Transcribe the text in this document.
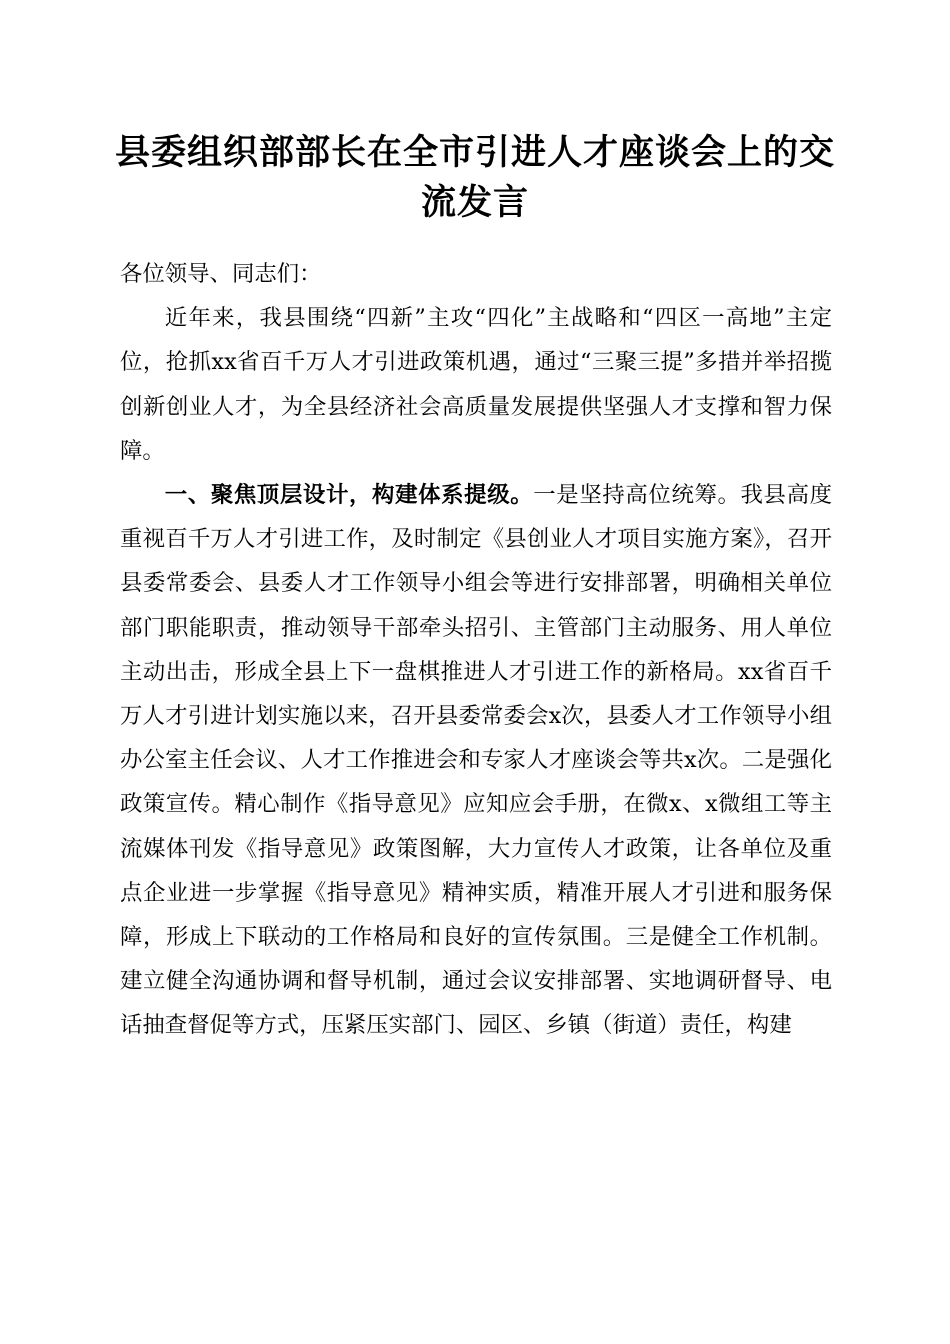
县委组织部部长在全市引进人才座谈会上的交流发言

各位领导、同志们：

近年来，我县围绕“四新”主攻“四化”主战略和“四区一高地”主定位，抢抓xx省百千万人才引进政策机遇，通过“三聚三提”多措并举招揽创新创业人才，为全县经济社会高质量发展提供坚强人才支撑和智力保障。

一、聚焦顶层设计，构建体系提级。一是坚持高位统筹。我县高度重视百千万人才引进工作，及时制定《县创业人才项目实施方案》，召开县委常委会、县委人才工作领导小组会等进行安排部署，明确相关单位部门职能职责，推动领导干部牵头招引、主管部门主动服务、用人单位主动出击，形成全县上下一盘棋推进人才引进工作的新格局。xx省百千万人才引进计划实施以来，召开县委常委会x次，县委人才工作领导小组办公室主任会议、人才工作推进会和专家人才座谈会等共x次。二是强化政策宣传。精心制作《指导意见》应知应会手册，在微x、x微组工等主流媒体刊发《指导意见》政策图解，大力宣传人才政策，让各单位及重点企业进一步掌握《指导意见》精神实质，精准开展人才引进和服务保障，形成上下联动的工作格局和良好的宣传氛围。三是健全工作机制。建立健全沟通协调和督导机制，通过会议安排部署、实地调研督导、电话抽查督促等方式，压紧压实部门、园区、乡镇（街道）责任，构建
